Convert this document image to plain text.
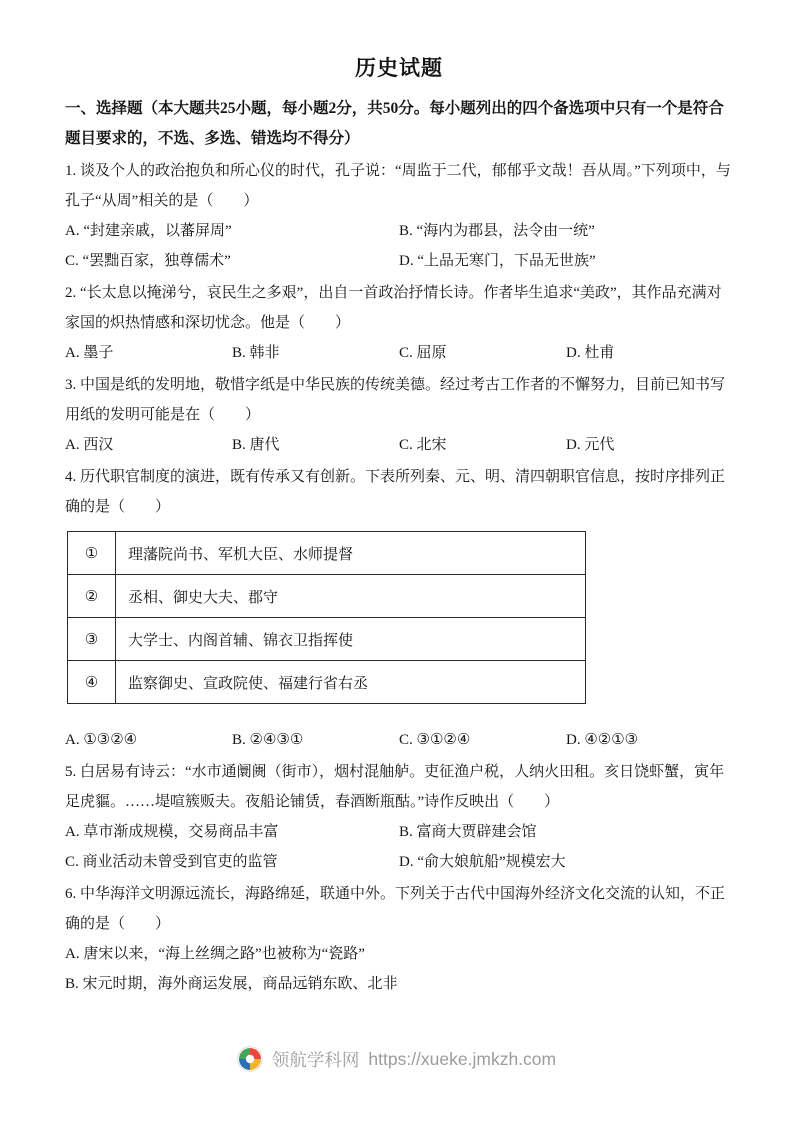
历史试题

一、选择题（本大题共25小题，每小题2分，共50分。每小题列出的四个备选项中只有一个是符合题目要求的，不选、多选、错选均不得分）

1. 谈及个人的政治抱负和所心仪的时代，孔子说：“周监于二代，郁郁乎文哉！吾从周。”下列项中，与孔子“从周”相关的是（　　）

A. “封建亲戚，以蕃屏周”	B. “海内为郡县，法令由一统”
C. “罢黜百家，独尊儒术”	D. “上品无寒门，下品无世族”

2. “长太息以掩涕兮，哀民生之多艰”，出自一首政治抒情长诗。作者毕生追求“美政”，其作品充满对家国的炽热情感和深切忧念。他是（　　）

A. 墨子	B. 韩非	C. 屈原	D. 杜甫

3. 中国是纸的发明地，敬惜字纸是中华民族的传统美德。经过考古工作者的不懈努力，目前已知书写用纸的发明可能是在（　　）

A. 西汉	B. 唐代	C. 北宋	D. 元代

4. 历代职官制度的演进，既有传承又有创新。下表所列秦、元、明、清四朝职官信息，按时序排列正确的是（　　）

①	理藩院尚书、军机大臣、水师提督
②	丞相、御史大夫、郡守
③	大学士、内阁首辅、锦衣卫指挥使
④	监察御史、宣政院使、福建行省右丞
A. ①③②④	B. ②④③①	C. ③①②④	D. ④②①③

5. 白居易有诗云：“水市通阛阓（街市），烟村混舳舻。吏征渔户税，人纳火田租。亥日饶虾蟹，寅年足虎貙。……堤喧簇贩夫。夜船论铺赁，春酒断瓶酤。”诗作反映出（　　）

A. 草市渐成规模，交易商品丰富	B. 富商大贾辟建会馆
C. 商业活动未曾受到官吏的监管	D. “俞大娘航船”规模宏大

6. 中华海洋文明源远流长，海路绵延，联通中外。下列关于古代中国海外经济文化交流的认知，不正确的是（　　）

A. 唐宋以来，“海上丝绸之路”也被称为“瓷路”
B. 宋元时期，海外商运发展，商品远销东欧、北非
领航学科网 https://xueke.jmkzh.com
